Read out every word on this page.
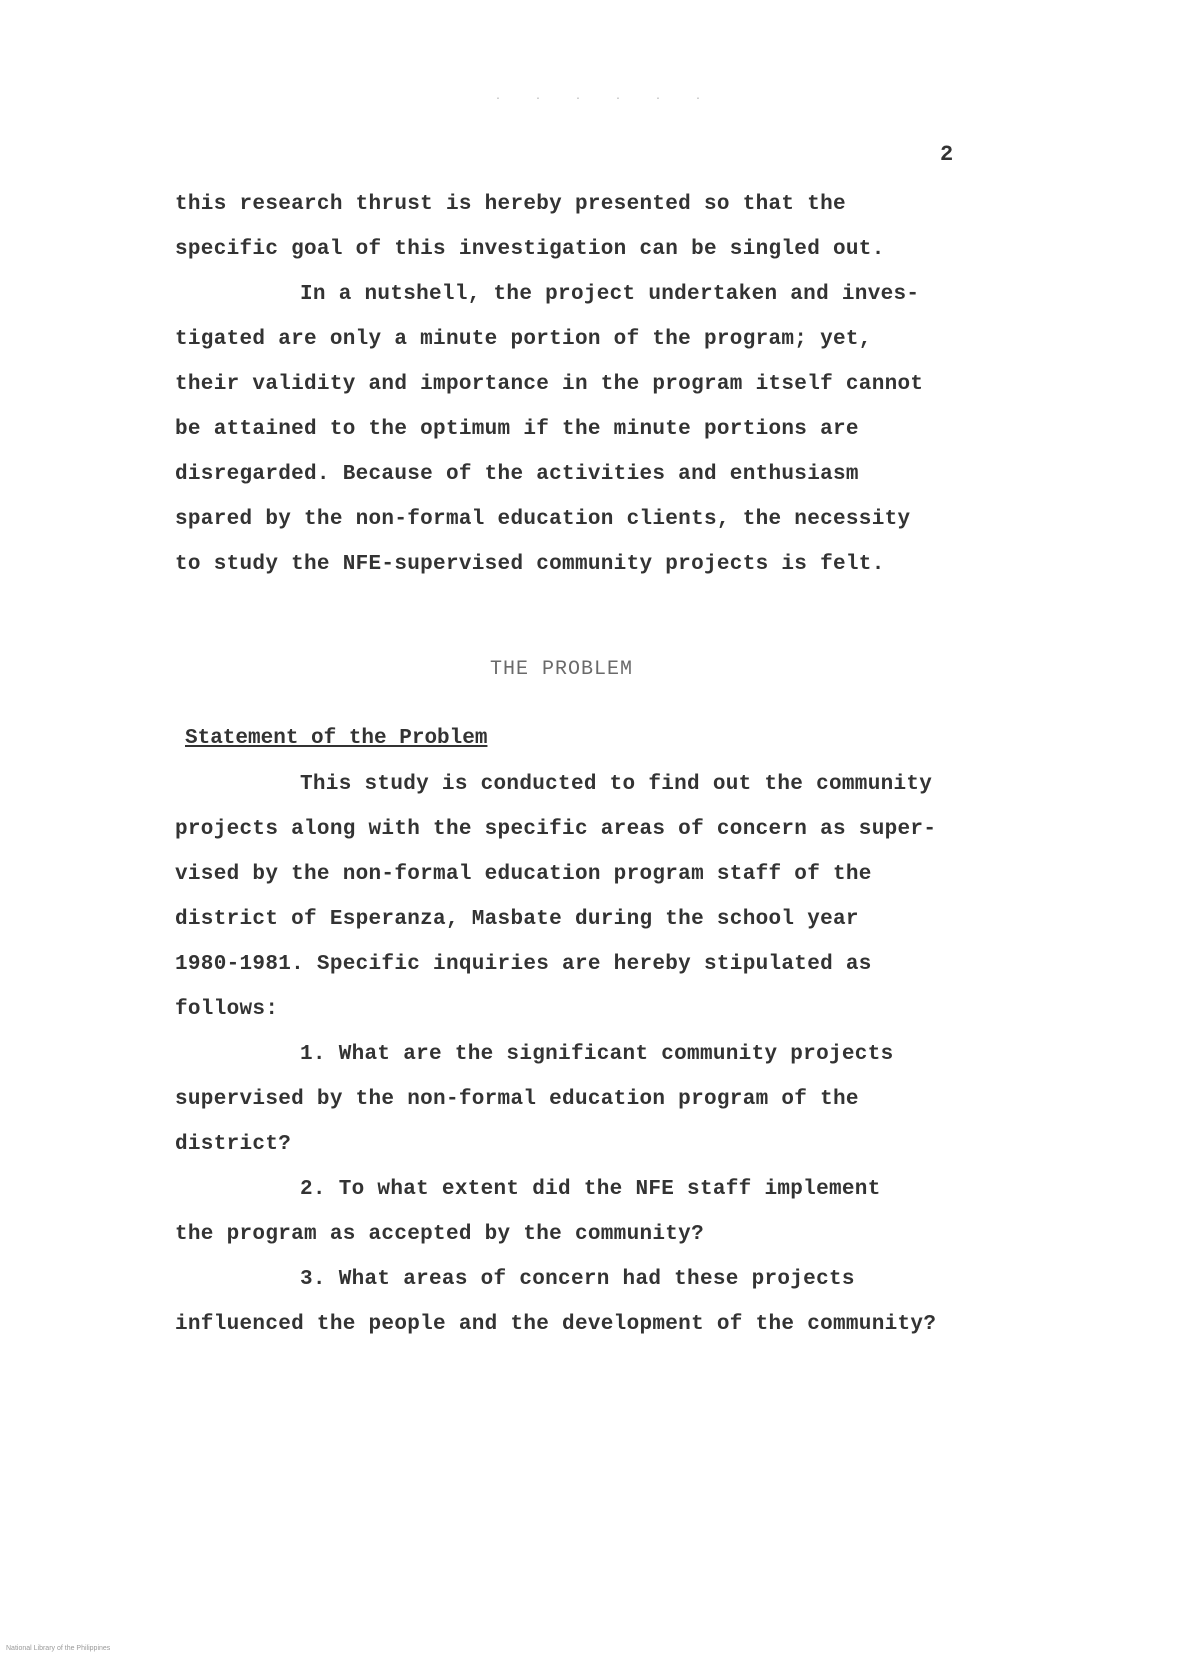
· · · · · ·
2
this research thrust is hereby presented so that the
specific goal of this investigation can be singled out.
In a nutshell, the project undertaken and inves-
tigated are only a minute portion of the program; yet,
their validity and importance in the program itself cannot
be attained to the optimum if the minute portions are
disregarded. Because of the activities and enthusiasm
spared by the non-formal education clients, the necessity
to study the NFE-supervised community projects is felt.
THE PROBLEM
Statement of the Problem
This study is conducted to find out the community
projects along with the specific areas of concern as super-
vised by the non-formal education program staff of the
district of Esperanza, Masbate during the school year
1980-1981. Specific inquiries are hereby stipulated as
follows:
1. What are the significant community projects
supervised by the non-formal education program of the
district?
2. To what extent did the NFE staff implement
the program as accepted by the community?
3. What areas of concern had these projects
influenced the people and the development of the community?
National Library of the Philippines
